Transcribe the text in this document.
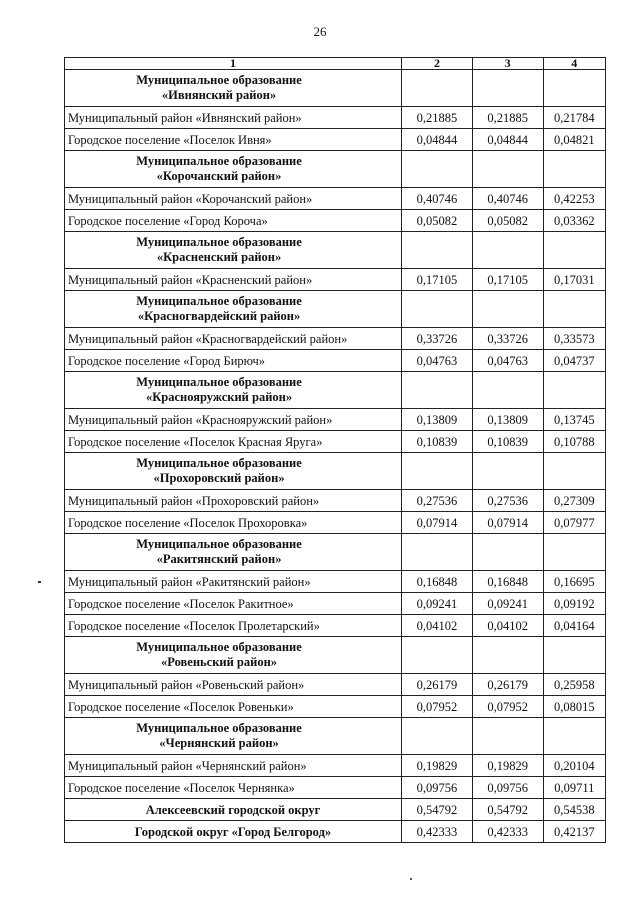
26
1	2	3	4

Муниципальное образование
«Ивнянский район»			

Муниципальный район «Ивнянский район»	0,21885	0,21885	0,21784
Городское поселение «Поселок Ивня»	0,04844	0,04844	0,04821

Муниципальное образование
«Корочанский район»			

Муниципальный район «Корочанский район»	0,40746	0,40746	0,42253
Городское поселение «Город Короча»	0,05082	0,05082	0,03362

Муниципальное образование
«Красненский район»			

Муниципальный район «Красненский район»	0,17105	0,17105	0,17031

Муниципальное образование
«Красногвардейский район»			

Муниципальный район «Красногвардейский район»	0,33726	0,33726	0,33573
Городское поселение «Город Бирюч»	0,04763	0,04763	0,04737

Муниципальное образование
«Краснояружский район»			

Муниципальный район «Краснояружский район»	0,13809	0,13809	0,13745
Городское поселение «Поселок Красная Яруга»	0,10839	0,10839	0,10788

Муниципальное образование
«Прохоровский район»			

Муниципальный район «Прохоровский район»	0,27536	0,27536	0,27309
Городское поселение «Поселок Прохоровка»	0,07914	0,07914	0,07977

Муниципальное образование
«Ракитянский район»			

Муниципальный район «Ракитянский район»	0,16848	0,16848	0,16695
Городское поселение «Поселок Ракитное»	0,09241	0,09241	0,09192
Городское поселение «Поселок Пролетарский»	0,04102	0,04102	0,04164

Муниципальное образование
«Ровеньский район»			

Муниципальный район «Ровеньский район»	0,26179	0,26179	0,25958
Городское поселение «Поселок Ровеньки»	0,07952	0,07952	0,08015

Муниципальное образование
«Чернянский район»			

Муниципальный район «Чернянский район»	0,19829	0,19829	0,20104
Городское поселение «Поселок Чернянка»	0,09756	0,09756	0,09711
Алексеевский городской округ	0,54792	0,54792	0,54538
Городской округ «Город Белгород»	0,42333	0,42333	0,42137
